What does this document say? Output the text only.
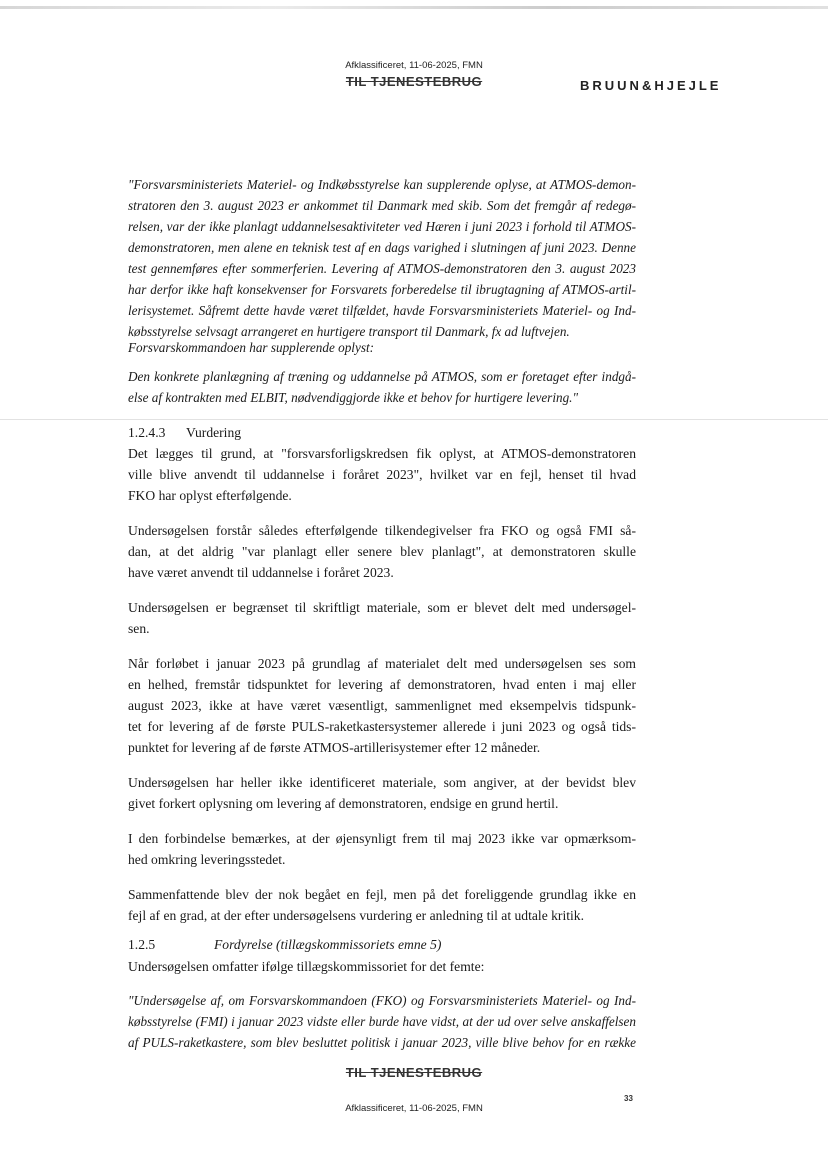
Afklassificeret, 11-06-2025, FMN
TIL TJENESTEBRUG	BRUUN&HJEJLE
1.2.4.3 Vurdering
1.2.5	Fordyrelse (tillægskommissoriets emne 5)
"Forsvarsministeriets Materiel- og Indkøbsstyrelse kan supplerende oplyse, at ATMOS-demon-
stratoren den 3. august 2023 er ankommet til Danmark med skib. Som det fremgår af redegø-
relsen, var der ikke planlagt uddannelsesaktiviteter ved Hæren i juni 2023 i forhold til ATMOS-
demonstratoren, men alene en teknisk test af en dags varighed i slutningen af juni 2023. Denne
test gennemføres efter sommerferien. Levering af ATMOS-demonstratoren den 3. august 2023
har derfor ikke haft konsekvenser for Forsvarets forberedelse til ibrugtagning af ATMOS-artil-
lerisystemet. Såfremt dette havde været tilfældet, havde Forsvarsministeriets Materiel- og Ind-
købsstyrelse selvsagt arrangeret en hurtigere transport til Danmark, fx ad luftvejen.
Forsvarskommandoen har supplerende oplyst:
Den konkrete planlægning af træning og uddannelse på ATMOS, som er foretaget efter indgå-
else af kontrakten med ELBIT, nødvendiggjorde ikke et behov for hurtigere levering."
Det lægges til grund, at "forsvarsforligskredsen fik oplyst, at ATMOS-demonstratoren
ville blive anvendt til uddannelse i foråret 2023", hvilket var en fejl, henset til hvad
FKO har oplyst efterfølgende.
Undersøgelsen forstår således efterfølgende tilkendegivelser fra FKO og også FMI så-
dan, at det aldrig "var planlagt eller senere blev planlagt", at demonstratoren skulle
have været anvendt til uddannelse i foråret 2023.
Undersøgelsen er begrænset til skriftligt materiale, som er blevet delt med undersøgel-
sen.
Når forløbet i januar 2023 på grundlag af materialet delt med undersøgelsen ses som
en helhed, fremstår tidspunktet for levering af demonstratoren, hvad enten i maj eller
august 2023, ikke at have været væsentligt, sammenlignet med eksempelvis tidspunk-
tet for levering af de første PULS-raketkastersystemer allerede i juni 2023 og også tids-
punktet for levering af de første ATMOS-artillerisystemer efter 12 måneder.
Undersøgelsen har heller ikke identificeret materiale, som angiver, at der bevidst blev
givet forkert oplysning om levering af demonstratoren, endsige en grund hertil.
I den forbindelse bemærkes, at der øjensynligt frem til maj 2023 ikke var opmærksom-
hed omkring leveringsstedet.
Sammenfattende blev der nok begået en fejl, men på det foreliggende grundlag ikke en
fejl af en grad, at der efter undersøgelsens vurdering er anledning til at udtale kritik.
Undersøgelsen omfatter ifølge tillægskommissoriet for det femte:
"Undersøgelse af, om Forsvarskommandoen (FKO) og Forsvarsministeriets Materiel- og Ind-
købsstyrelse (FMI) i januar 2023 vidste eller burde have vidst, at der ud over selve anskaffelsen
af PULS-raketkastere, som blev besluttet politisk i januar 2023, ville blive behov for en række
TIL TJENESTEBRUG
33
Afklassificeret, 11-06-2025, FMN
